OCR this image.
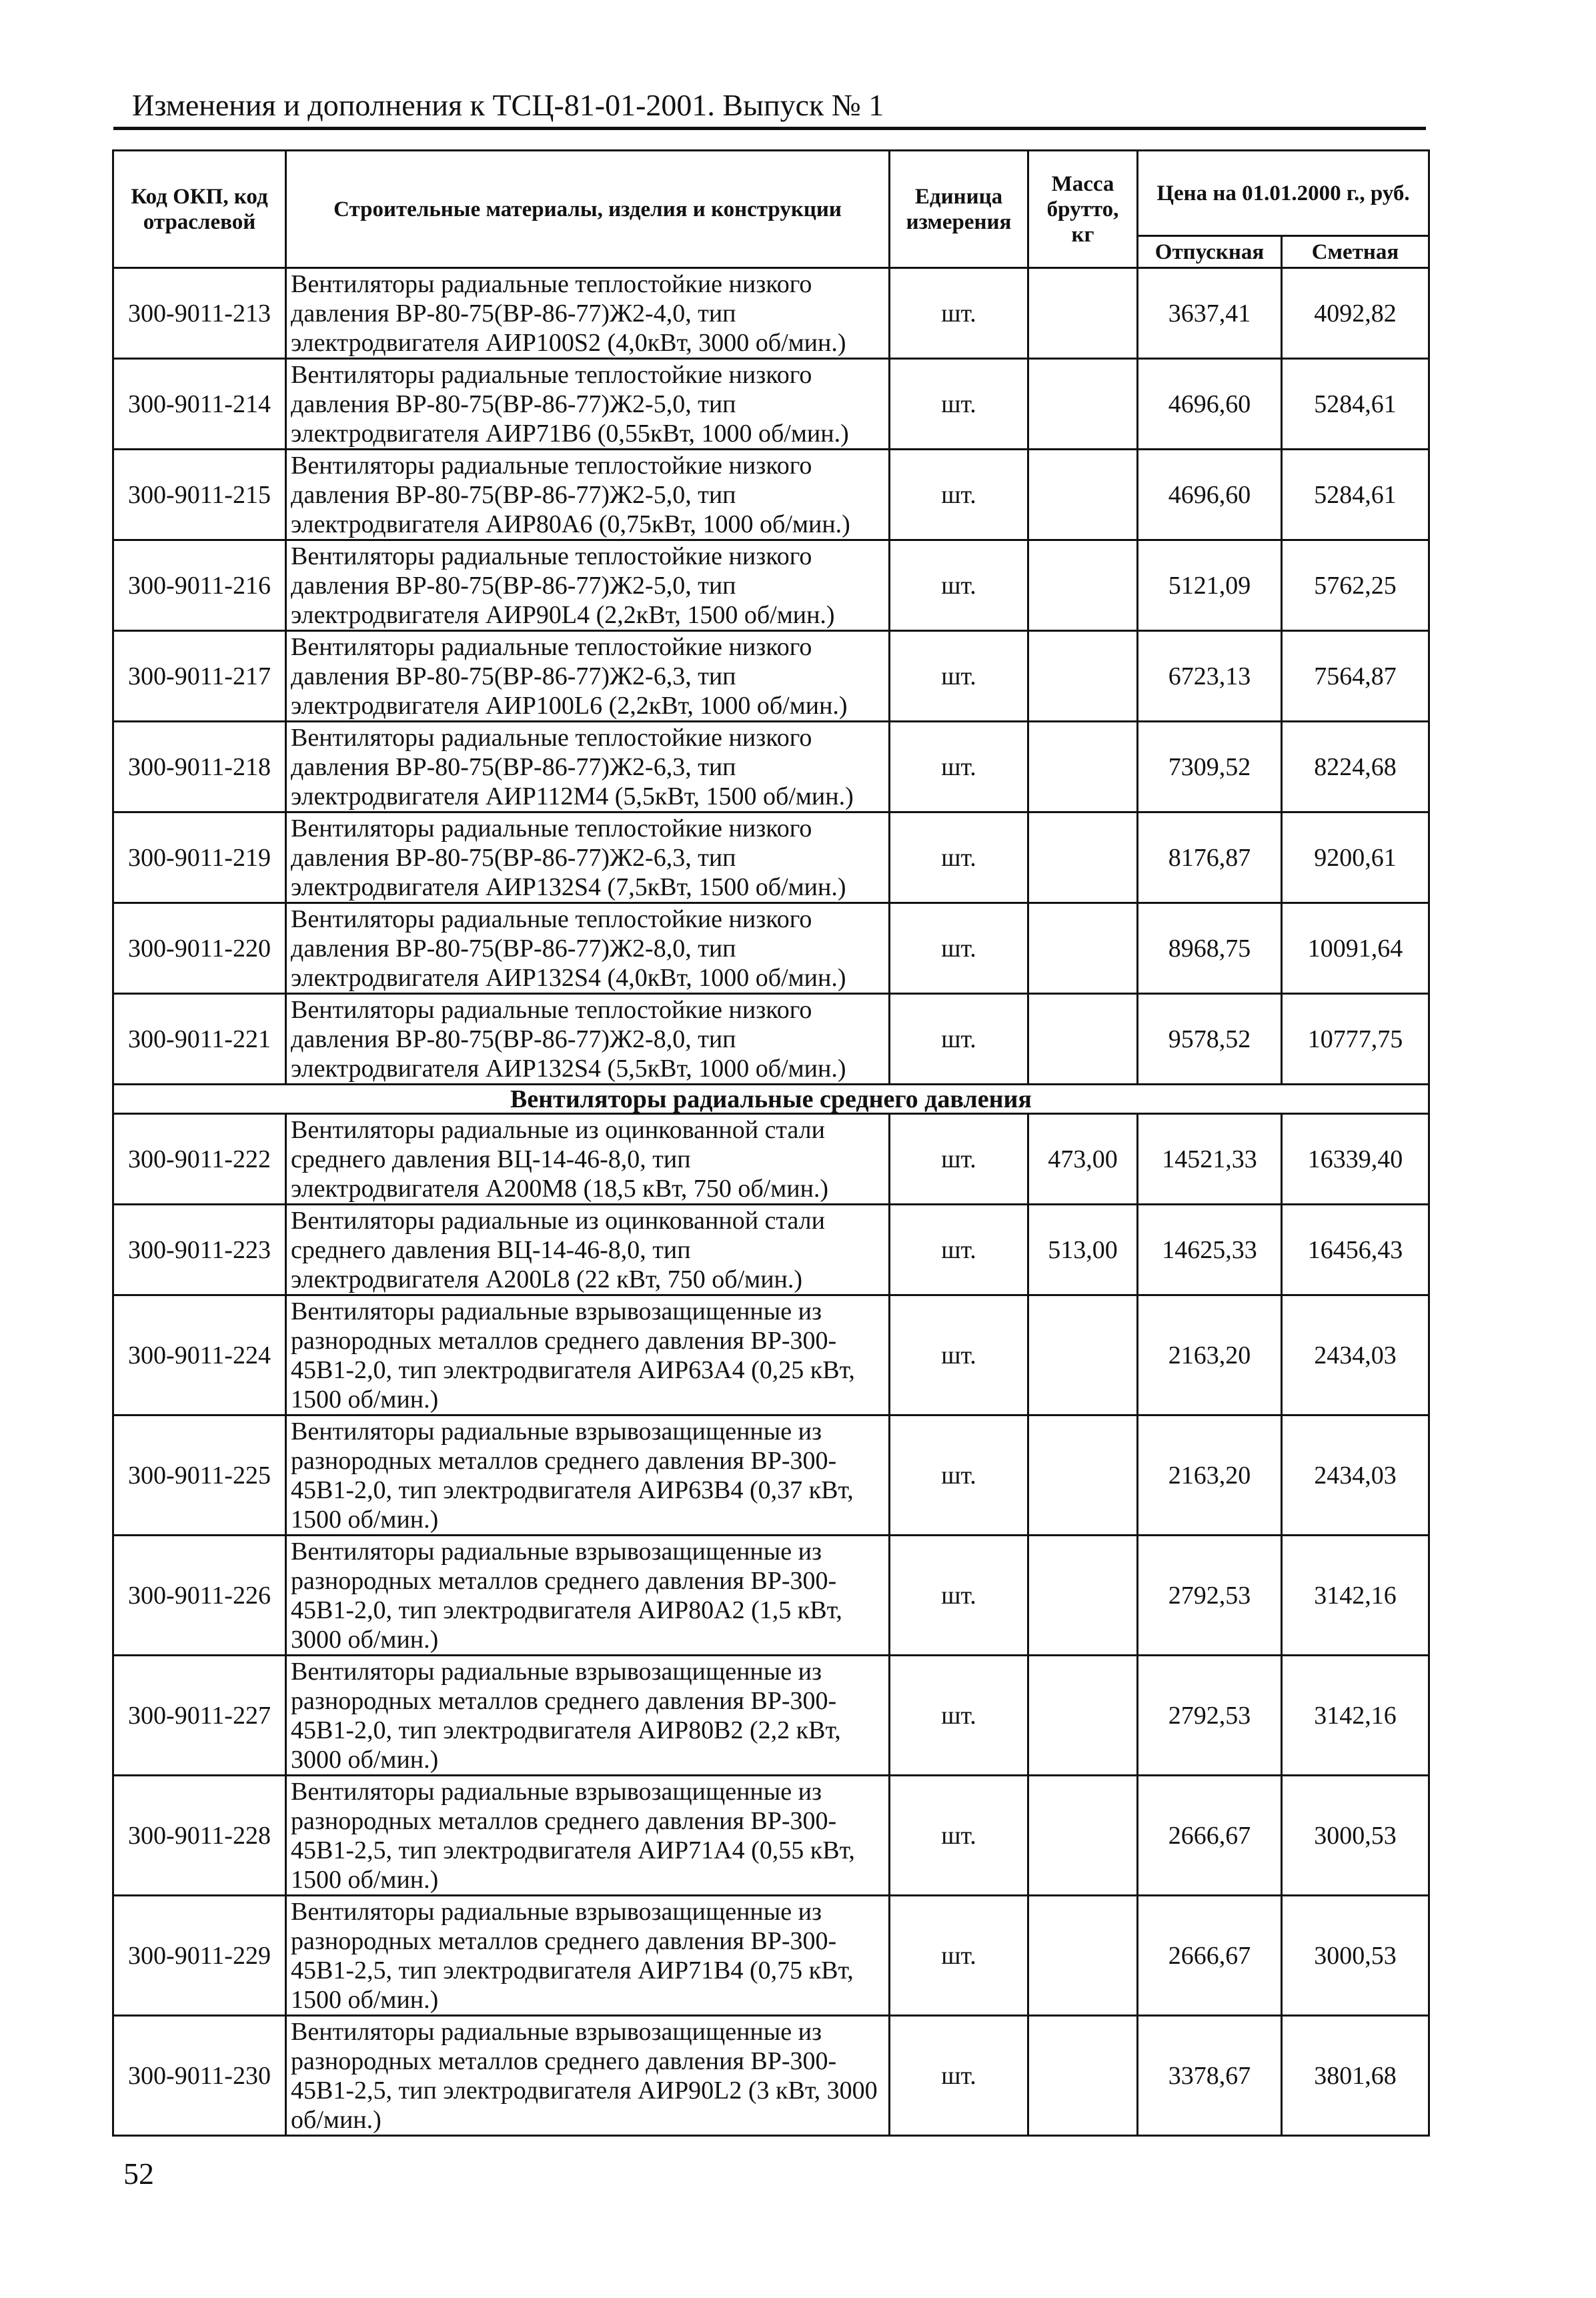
Изменения и дополнения к ТСЦ-81-01-2001. Выпуск № 1
Код ОКП, код отраслевой	Строительные материалы, изделия и конструкции	Единица измерения	Масса брутто, кг	Цена на 01.01.2000 г., руб.	
				Отпускная	Сметная
300-9011-213	Вентиляторы радиальные теплостойкие низкого давления ВР-80-75(ВР-86-77)Ж2-4,0, тип электродвигателя АИР100S2 (4,0кВт, 3000 об/мин.)	шт.		3637,41	4092,82
300-9011-214	Вентиляторы радиальные теплостойкие низкого давления ВР-80-75(ВР-86-77)Ж2-5,0, тип электродвигателя АИР71В6 (0,55кВт, 1000 об/мин.)	шт.		4696,60	5284,61
300-9011-215	Вентиляторы радиальные теплостойкие низкого давления ВР-80-75(ВР-86-77)Ж2-5,0, тип электродвигателя АИР80А6 (0,75кВт, 1000 об/мин.)	шт.		4696,60	5284,61
300-9011-216	Вентиляторы радиальные теплостойкие низкого давления ВР-80-75(ВР-86-77)Ж2-5,0, тип электродвигателя АИР90L4 (2,2кВт, 1500 об/мин.)	шт.		5121,09	5762,25
300-9011-217	Вентиляторы радиальные теплостойкие низкого давления ВР-80-75(ВР-86-77)Ж2-6,3, тип электродвигателя АИР100L6 (2,2кВт, 1000 об/мин.)	шт.		6723,13	7564,87
300-9011-218	Вентиляторы радиальные теплостойкие низкого давления ВР-80-75(ВР-86-77)Ж2-6,3, тип электродвигателя АИР112М4 (5,5кВт, 1500 об/мин.)	шт.		7309,52	8224,68
300-9011-219	Вентиляторы радиальные теплостойкие низкого давления ВР-80-75(ВР-86-77)Ж2-6,3, тип электродвигателя АИР132S4 (7,5кВт, 1500 об/мин.)	шт.		8176,87	9200,61
300-9011-220	Вентиляторы радиальные теплостойкие низкого давления ВР-80-75(ВР-86-77)Ж2-8,0, тип электродвигателя АИР132S4 (4,0кВт, 1000 об/мин.)	шт.		8968,75	10091,64
300-9011-221	Вентиляторы радиальные теплостойкие низкого давления ВР-80-75(ВР-86-77)Ж2-8,0, тип электродвигателя АИР132S4 (5,5кВт, 1000 об/мин.)	шт.		9578,52	10777,75
Вентиляторы радиальные среднего давления					
300-9011-222	Вентиляторы радиальные из оцинкованной стали среднего давления ВЦ-14-46-8,0, тип электродвигателя А200М8 (18,5 кВт, 750 об/мин.)	шт.	473,00	14521,33	16339,40
300-9011-223	Вентиляторы радиальные из оцинкованной стали среднего давления ВЦ-14-46-8,0, тип электродвигателя А200L8 (22 кВт, 750 об/мин.)	шт.	513,00	14625,33	16456,43
300-9011-224	Вентиляторы радиальные взрывозащищенные из разнородных металлов среднего давления ВР-300-45В1-2,0, тип электродвигателя АИР63А4 (0,25 кВт, 1500 об/мин.)	шт.		2163,20	2434,03
300-9011-225	Вентиляторы радиальные взрывозащищенные из разнородных металлов среднего давления ВР-300-45В1-2,0, тип электродвигателя АИР63В4 (0,37 кВт, 1500 об/мин.)	шт.		2163,20	2434,03
300-9011-226	Вентиляторы радиальные взрывозащищенные из разнородных металлов среднего давления ВР-300-45В1-2,0, тип электродвигателя АИР80А2 (1,5 кВт, 3000 об/мин.)	шт.		2792,53	3142,16
300-9011-227	Вентиляторы радиальные взрывозащищенные из разнородных металлов среднего давления ВР-300-45В1-2,0, тип электродвигателя АИР80В2 (2,2 кВт, 3000 об/мин.)	шт.		2792,53	3142,16
300-9011-228	Вентиляторы радиальные взрывозащищенные из разнородных металлов среднего давления ВР-300-45В1-2,5, тип электродвигателя АИР71А4 (0,55 кВт, 1500 об/мин.)	шт.		2666,67	3000,53
300-9011-229	Вентиляторы радиальные взрывозащищенные из разнородных металлов среднего давления ВР-300-45В1-2,5, тип электродвигателя АИР71В4 (0,75 кВт, 1500 об/мин.)	шт.		2666,67	3000,53
300-9011-230	Вентиляторы радиальные взрывозащищенные из разнородных металлов среднего давления ВР-300-45В1-2,5, тип электродвигателя АИР90L2 (3 кВт, 3000 об/мин.)	шт.		3378,67	3801,68
52
